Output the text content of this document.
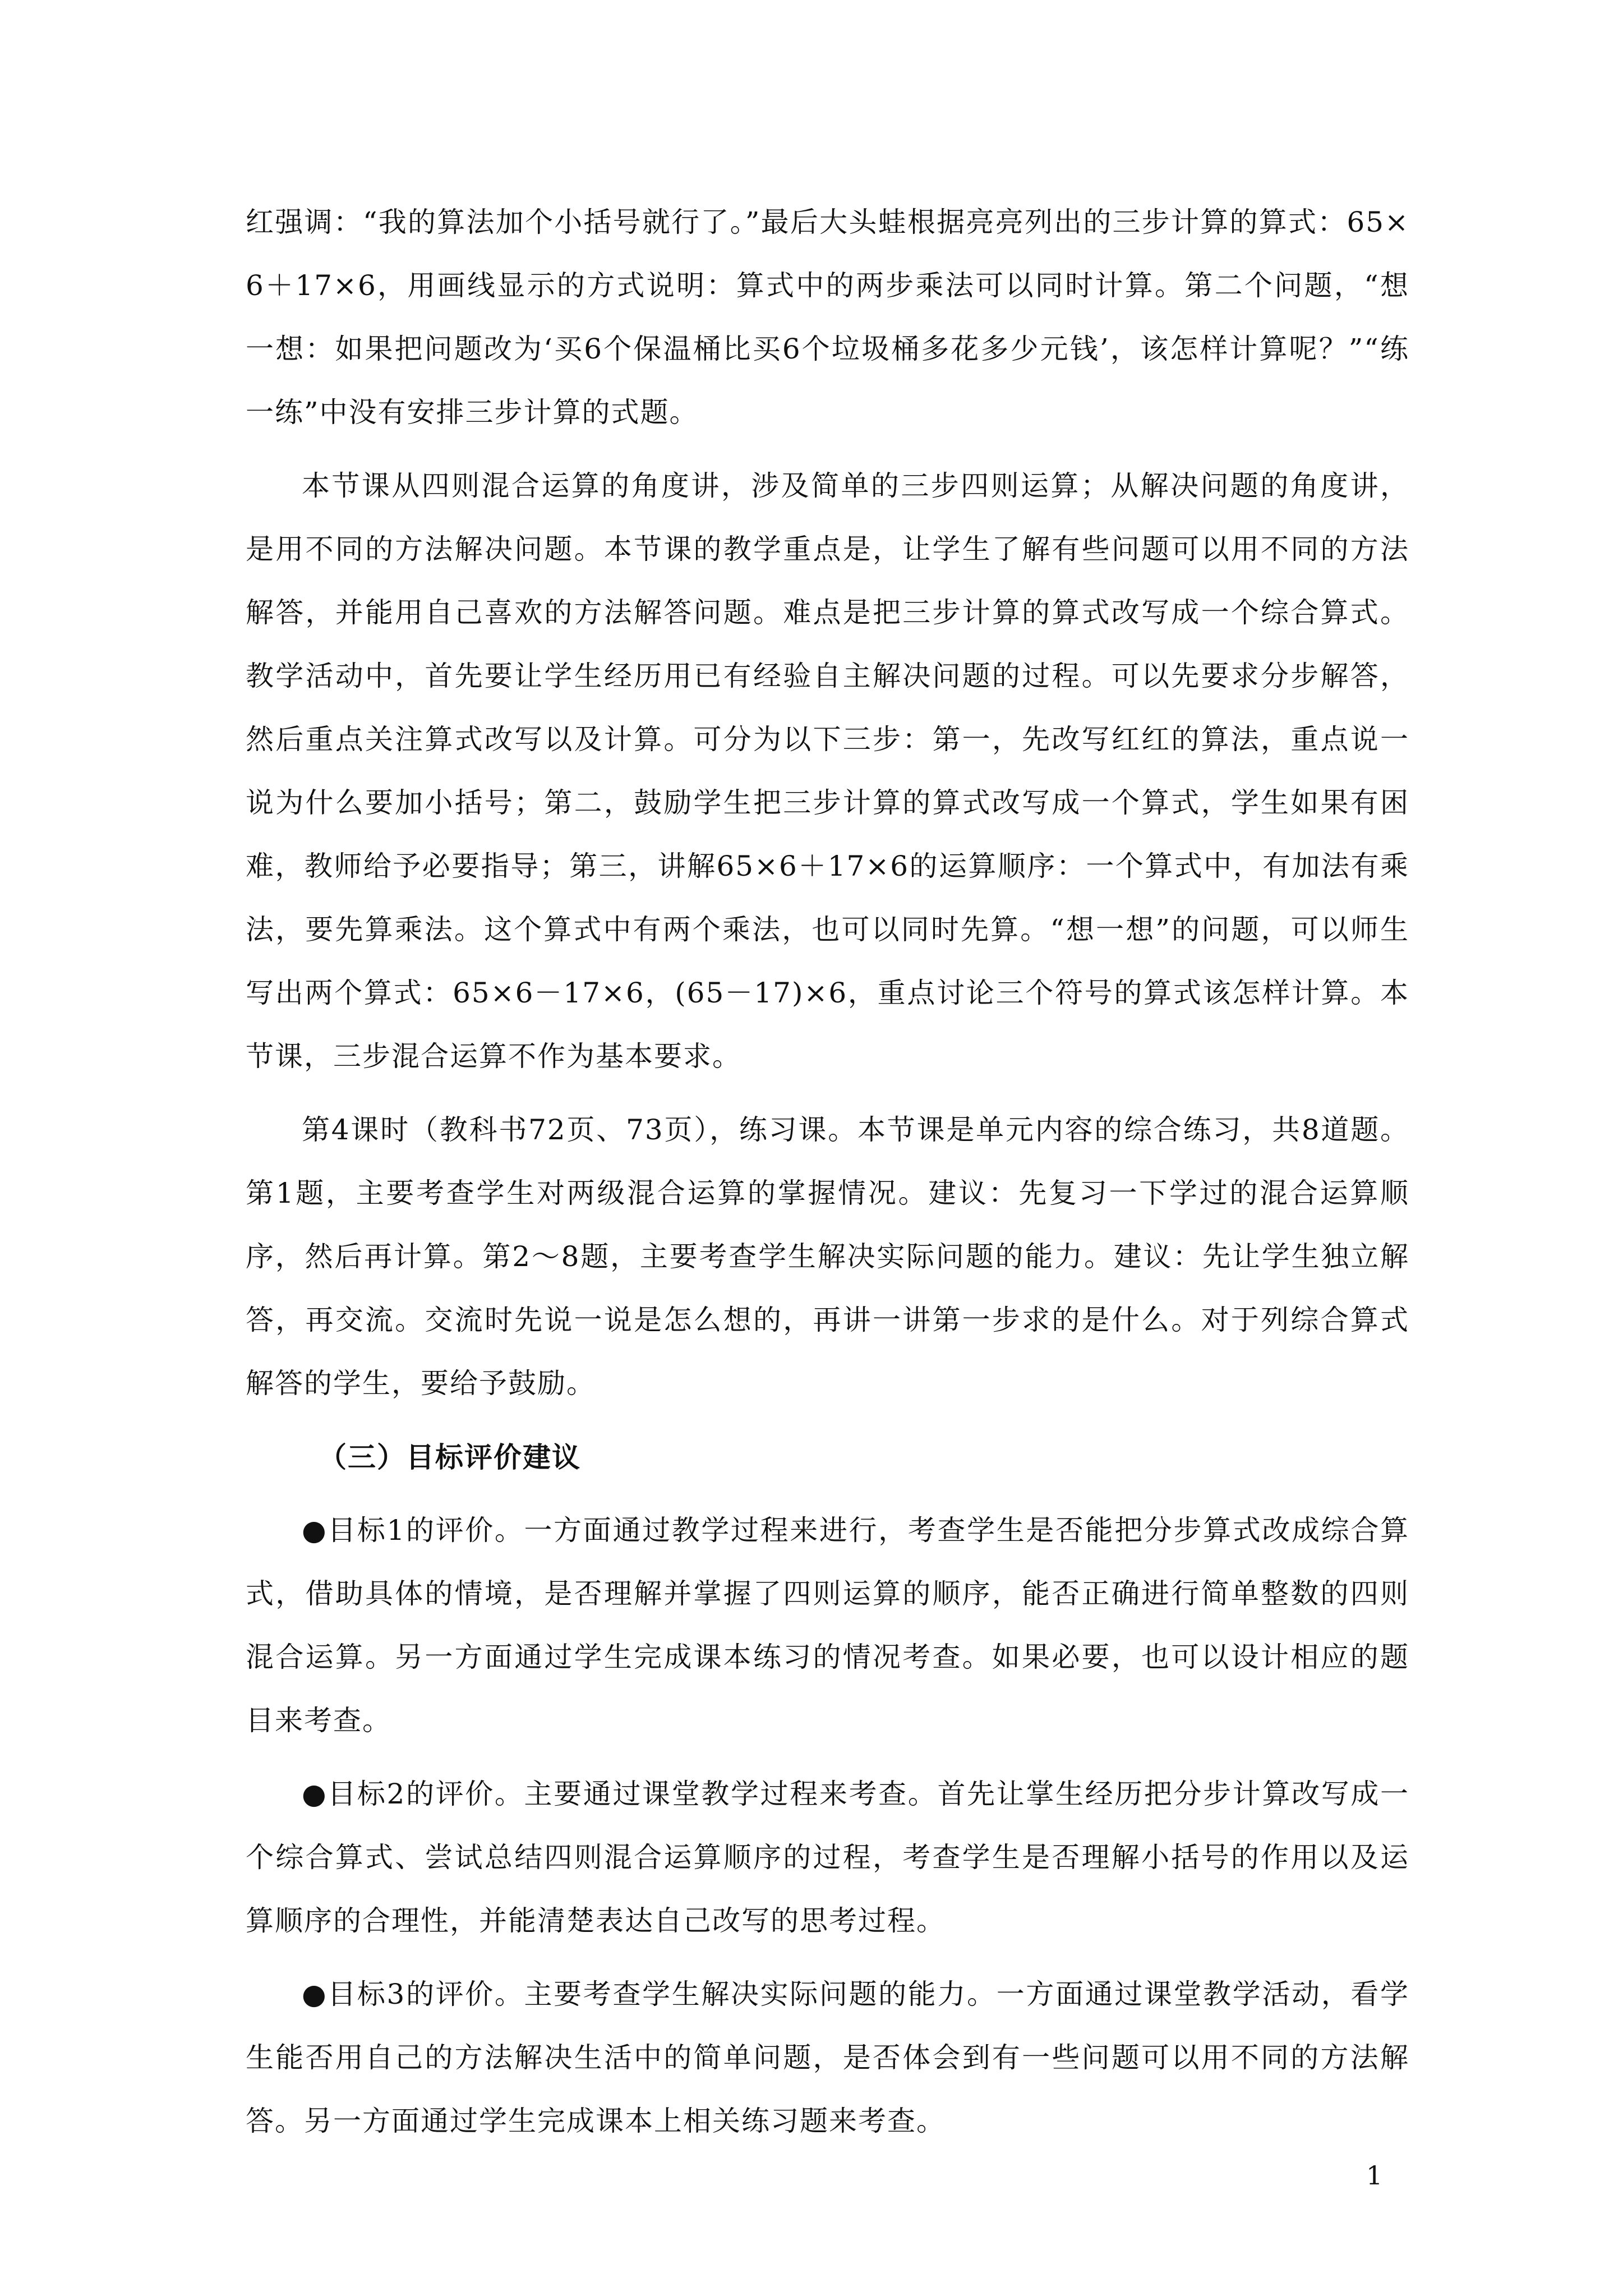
红强调：“我的算法加个小括号就行了。”最后大头蛙根据亮亮列出的三步计算的算式：65×6＋17×6，用画线显示的方式说明：算式中的两步乘法可以同时计算。第二个问题，“想一想：如果把问题改为‘买6个保温桶比买6个垃圾桶多花多少元钱’，该怎样计算呢？”“练一练”中没有安排三步计算的式题。

本节课从四则混合运算的角度讲，涉及简单的三步四则运算；从解决问题的角度讲，是用不同的方法解决问题。本节课的教学重点是，让学生了解有些问题可以用不同的方法解答，并能用自己喜欢的方法解答问题。难点是把三步计算的算式改写成一个综合算式。教学活动中，首先要让学生经历用已有经验自主解决问题的过程。可以先要求分步解答，然后重点关注算式改写以及计算。可分为以下三步：第一，先改写红红的算法，重点说一说为什么要加小括号；第二，鼓励学生把三步计算的算式改写成一个算式，学生如果有困难，教师给予必要指导；第三，讲解65×6＋17×6的运算顺序：一个算式中，有加法有乘法，要先算乘法。这个算式中有两个乘法，也可以同时先算。“想一想”的问题，可以师生写出两个算式：65×6－17×6，(65－17)×6，重点讨论三个符号的算式该怎样计算。本节课，三步混合运算不作为基本要求。

第4课时（教科书72页、73页），练习课。本节课是单元内容的综合练习，共8道题。第1题，主要考查学生对两级混合运算的掌握情况。建议：先复习一下学过的混合运算顺序，然后再计算。第2～8题，主要考查学生解决实际问题的能力。建议：先让学生独立解答，再交流。交流时先说一说是怎么想的，再讲一讲第一步求的是什么。对于列综合算式解答的学生，要给予鼓励。

（三）目标评价建议

●目标1的评价。一方面通过教学过程来进行，考查学生是否能把分步算式改成综合算式，借助具体的情境，是否理解并掌握了四则运算的顺序，能否正确进行简单整数的四则混合运算。另一方面通过学生完成课本练习的情况考查。如果必要，也可以设计相应的题目来考查。

●目标2的评价。主要通过课堂教学过程来考查。首先让掌生经历把分步计算改写成一个综合算式、尝试总结四则混合运算顺序的过程，考查学生是否理解小括号的作用以及运算顺序的合理性，并能清楚表达自己改写的思考过程。

●目标3的评价。主要考查学生解决实际问题的能力。一方面通过课堂教学活动，看学生能否用自己的方法解决生活中的简单问题，是否体会到有一些问题可以用不同的方法解答。另一方面通过学生完成课本上相关练习题来考查。

1
